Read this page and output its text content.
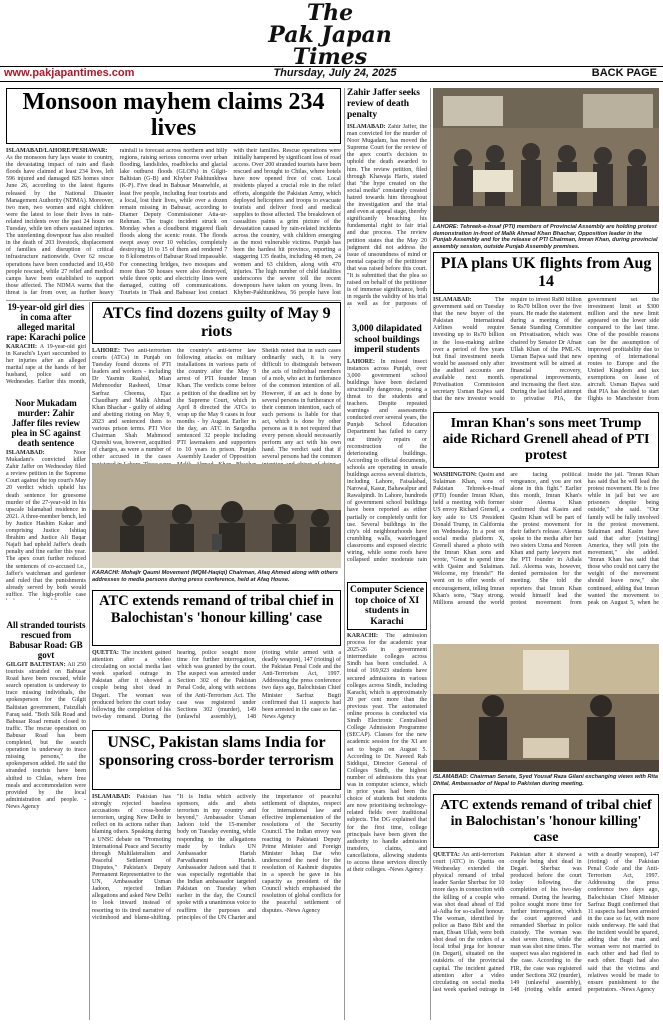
The
Pak Japan
Times
www.pakjapantimes.com	Thursday, July 24, 2025	BACK PAGE
Monsoon mayhem claims 234 lives
ISLAMABAD/LAHORE/PESHAWAR: As the monsoon fury lays waste to country, the devastating impact of rain and flash floods have claimed at least 234 lives, left 596 injured and damaged 826 homes since June 26, according to the latest figures released by the National Disaster Management Authority (NDMA). Moreover, two men, two women and eight children were the latest to lose their lives in rain-related incidents over the past 24 hours on Tuesday, while ten others sustained injuries. The unrelenting downpour has also resulted in the death of 203 livestock, displacement of families and disruption of critical infrastructure nationwide. Over 62 rescue operations have been conducted and 10,450 people rescued, while 27 relief and medical camps have been established to support those affected. The NDMA warns that the threat is far from over, as further heavy rainfall is forecast across northern and hilly regions, raising serious concerns over urban flooding, landslides, roadblocks and glacial lake outburst floods (GLOFs) in Gilgit-Baltistan (G-B) and Khyber Pakhtunkhwa (K-P). Five dead in Babusar Meanwhile, at least five people, including four tourists and a local, lost their lives, while over a dozen remain missing in Babusar, according to Diamer Deputy Commissioner Atta-ur-Rehman. The tragic incident struck on Monday when a cloudburst triggered flash floods along the scenic route. The floods swept away over 10 vehicles, completely destroying 10 to 15 of them and rendered 7 to 8 kilometres of Babusar Road impassable. For connecting bridges, two mosques and more than 50 houses were also destroyed, while three optic and electricity lines were damaged, cutting off communications. Tourists in Thak and Babusar lost contact with their families. Rescue operations were initially hampered by significant loss of road access. Over 200 stranded tourists have been rescued and brought to Chilas, where hotels have now opened free of cost. Local residents played a crucial role in the relief efforts, alongside the Pakistan Army, which deployed helicopters and troops to evacuate tourists and deliver food and medical supplies to those affected. The breakdown of casualties paints a grim picture of the devastation caused by rain-related incidents across the country, with children emerging as the most vulnerable victims. Punjab has been the hardest hit province, reporting a staggering 135 deaths, including 48 men, 24 women and 63 children, along with 470 injuries. The high number of child fatalities underscores the severe toll the recent downpours have taken on young lives. In Khyber-Pakhtunkhwa, 56 people have lost
Zahir Jaffer seeks review of death penalty
ISLAMABAD: Zahir Jaffer, the man convicted for the murder of Noor Mugadam, has moved the Supreme Court for the review of the apex court's decision to uphold the death awarded to him. The review petition, filed through Khawaja Haris, stated that "the hype created on the social media" constantly created hatred towards him throughout the investigation and the trial and even at appeal stage, thereby significantly breaching his fundamental right to fair trial and due process. The review petition states that the May 20 judgment did not address the issue of unsoundness of mind or mental capacity of the petitioner that was raised before this court. "It is submitted that the plea so raised on behalf of the petitioner is of immense significance, both in regards the validity of his trial as well as for purposes of
LAHORE: Tehreek-e-Insaf (PTI) members of Provincial Assembly are holding protest demonstration in-front of Malik Ahmad Khan Bhachar, Opposition leader in the Punjab Assembly and for the release of PTI Chairman, Imran Khan, during provincial assembly session, outside Punjab Assembly premises.
PIA plans UK flights from Aug 14
ISLAMABAD:	The government said on Tuesday that the new buyer of the Pakistan International Airlines would require investing up to Rs70 billion in the loss-making airline over a period of five years but final investment needs would be assessed only after the audited accounts are available next month. Privatisation Commission secretary Usman Bajwa said that the new investor would require to invest Rs80 billion to Rs70 billion over the five years. He made the statement during a meeting of the Senate Standing Committee on Privatisation, which was chaired by Senator Dr Afnan Ullah Khan of the PML-N. Usman Bajwa said that new investment will be aimed at financial recovery, operational improvements, and increasing the fleet size. During the last failed attempt to privatise PIA, the government set the investment limit at $300 million and the new limit appeared on the lower side compared to the last time. One of the possible reasons can be the assumption of improved profitability due to opening of international routes to Europe and the United Kingdom and tax exemptions on lease of aircraft. Usman Bajwa said that PIA has decided to start flights to Manchester from
19-year-old girl dies in coma after alleged marital rape: Karachi police
KARACHI: A 19-year-old girl in Karachi's Lyari succumbed to her injuries after an alleged marital rape at the hands of her husband, police said on Wednesday. Earlier this month,
ATCs find dozens guilty of May 9 riots
LAHORE: Two anti-terrorism courts (ATCs) in Punjab on Tuesday found dozens of PTI leaders and workers - including Dr Yasmin Rashid, Mian Mehmoodur Rasheed, Umar Sarfraz Cheema, Ejaz Chaudhary and Malik Ahmad Khan Bhachar - guilty of aiding and abetting rioting on May 9, 2023 and sentenced them to various prison terms. PTI Vice Chairman Shah Mahmood Qureshi was, however, acquitted of charges, as were a number of other accused in the cases the country's anti-terror law following attacks on military installations in various parts of the country after the May 9 arrest of PTI founder Imran Khan. The verdicts come before a petition of the deadline set by the Supreme Court, which in April 8 directed the ATCs to wrap up the May 9 cases in four months - by August. Earlier in the day, an ATC in Sargodha sentenced 32 people including PTI lawmakers and supporters to 10 years in prison. Punjab Assembly Leader of Opposition Sheikh noted that in such cases ordinarily such, it is very difficult to distinguish between the acts of individual members of a mob, who act in furtherance of the common intention of all. However, if an act is done by several persons in furtherance of their common intention, each of such persons is liable for that act, which is done by other persons as it is not required that every person should necessarily perform any act with his own hand. The verdict said that if several persons had the common
3,000 dilapidated school buildings imperil students
LAHORE: In missed insect instances across Punjab, over 3,000 government school buildings have been declared structurally dangerous, posing a threat to the students and teachers. Despite repeated warnings and assessments conducted over several years, the Punjab School Education Department has failed to carry out timely repairs or reconstruction of the deteriorating buildings. According to official documents, schools are operating in unsafe buildings across several districts, including Lahore, Faisalabad, Narowal, Kasur, Bahawalpur and Rawalpindi. In Lahore, hundreds of government school buildings have been reported as either partially or completely unfit for use. Several buildings in the city's old neighbourhoods have crumbling walls, waterlogged classrooms and exposed electric wiring, while some roofs have collapsed under moderate rain
Noor Mukadam murder: Zahir Jaffer files review plea in SC against death sentence
ISLAMABAD:	Noor Mukadam's convicted killer Zahir Jaffer on Wednesday filed a review petition in the Supreme Court against the top court's May 20 verdict which upheld his death sentence for gruesome murder of the 27-year-old in his upscale Islamabad residence in 2021. A three-member bench, led by Justice Hashim Kakar and comprising Justice Ishtiaq Ibrahim and Justice Ali Baqar Najafi had upheld Jaffer's death penalty and fine earlier this year. The apex court further reduced the sentences of co-accused i.e., Jaffer's watchman and gardener and ruled that the punishments already served by both would suffice. The high-profile case
Imran Khan's sons meet Trump aide Richard Grenell ahead of PTI protest
WASHINGTON: Qasim and Sulaiman Khan, sons of Pakistan Tehreek-e-Insaf (PTI) founder Imran Khan, held a meeting with former US envoy Richard Grenell, a key aide to US President Donald Trump, in California on Wednesday. In a post on social media platform X, Grenell shared a photo with the Imran Khan sons and wrote, "Great to spend time with Qasim and Sulaiman. Welcome, my friends!" He went on to offer words of encouragement, telling Imran Khan's sons, "Stay strong. Millions around the world are facing political vengeance, and you are not alone in this fight." Earlier this month, Imran Khan's sister Aleema Khan confirmed that Kasim and Qasim Khan will be part of the protest movement for their father's release. Aleema spoke to the media after her two sisters Uzma and Noreen Khan and party lawyers met the PTI founder in Adiala Jail. Aleema was, however, denied permission for the meeting. She told the reporters that Imran Khan would himself lead the protest movement from inside the jail. "Imran Khan has said that he will lead the protest movement. He is free while in jail but we are prisoners despite being outside," she said. "Our family will be fully involved in the protest movement. Sulaiman and Kasim have said that after [visiting] America, they will join the movement," she added. "Imran Khan has said that those who could not carry the weight of the movement should leave now," she continued, adding that Imran wanted the movement to peak on August 5, when he
KARACHI: Mohajir Qaumi Movement (MQM-Haqiqi) Chairman, Afaq Ahmed along with others addresses to media persons during press conference, held at Afaq House.
ATC extends remand of tribal chief in Balochistan's 'honour killing' case
QUETTA: The incident gained attention after a video circulating on social media last week sparked outrage in Pakistan after it showed a couple being shot dead in Degari. The woman was produced before the court today following the completion of his two-day remand. During the hearing, police sought more time for further interrogation, which was granted by the court. The suspect was arrested under Section 302 of the Pakistan Penal Code, along with sections of the Anti-Terrorism Act. The case was registered under Sections 302 (murder), 149 (unlawful assembly), 148 (rioting while armed with a deadly weapon), 147 (rioting) of the Pakistan Penal Code and the Anti-Terrorism Act, 1997. Addressing the press conference two days ago, Balochistan Chief Minister Sarfraz Bugti confirmed that 11 suspects had been arrested in the case so far. -News Agency
Computer Science top choice of XI students in Karachi
KARACHI: The admission process for the academic year 2025-26 in government intermediate colleges across Sindh has been concluded. A total of 169,923 students have secured admissions in various colleges across Sindh, including Karachi, which is approximately 20 per cent more than the previous year. The automated online process is conducted via Sindh Electronic Centralised College Admission Programme (SECAP). Classes for the new academic session for the XI are set to begin on August 5. According to Dr. Naveed Rab Siddiqui, Director General of Colleges Sindh, the highest number of admissions this year was in computer science, which in prior years had been the choice of students but students are now prioritising technology-related fields over traditional subjects. The DG explained that for the first time, college principals have been given the authority to handle admission transfers, claims, and cancellations, allowing students to access these services directly at their colleges. -News Agency
All stranded tourists rescued from Babusar Road: GB govt
GILGIT BALTISTAN: All 250 tourists stranded on Babusar Road have been rescued, while search operation is underway to trace missing individuals, the spokesperson for the Gilgit Baltistan government, Faizullah Faraq said. "Both Silk Road and Babusar Road remain closed to traffic. The rescue operation on Babusar Road has been completed, but the search operation is underway to trace missing persons," the spokesperson added. He said the stranded tourists have been shifted to Chilas, where free meals and accommodation were provided by the local administration and people. -News Agency
ISLAMABAD: Chairman Senate, Syed Yousaf Raza Gilani exchanging views with Rita Dhital, Ambassador of Nepal to Pakistan during meeting.
UNSC, Pakistan slams India for sponsoring cross-border terrorism
ISLAMABAD: Pakistan has strongly rejected baseless accusations of cross-border terrorism, urging New Delhi to reflect on its actions rather than blaming others. Speaking during a UNSC debate on "Promoting International Peace and Security through Multilateralism and Peaceful Settlement of Disputes," Pakistan's Deputy Permanent Representative to the UN, Ambassador Usman Jadoon, rejected Indian allegations and asked New Delhi to look inward instead of resorting to its tired narrative of victimhood and blame-shifting. "It is India which actively sponsors, aids and abets terrorism in my country and beyond," Ambassador Usman Jadoon told the 15-member body on Tuesday evening, while responding to the allegations made by India's UN Ambassador Harish Parvathaneni Harish. Ambassador Jadoon said that it was especially regrettable that the Indian ambassador targeted Pakistan on Tuesday when earlier in the day, the Council spoke with a unanimous voice to reaffirm the purposes and principles of the UN Charter and the importance of peaceful settlement of disputes, respect for international law and effective implementation of the resolutions of the Security Council. The Indian envoy was reacting to Pakistani Deputy Prime Minister and Foreign Minister Ishaq Dar who underscored the need for the resolution of Kashmir disputes in a speech he gave in his capacity as president of the Council which emphasised the resolution of global conflicts for the peaceful settlement of disputes. -News Agency
ATC extends remand of tribal chief in Balochistan's 'honour killing' case
QUETTA: An anti-terrorism court (ATC) in Quetta on Wednesday extended the physical remand of tribal leader Sardar Sherbaz for 10 more days in connection with the killing of a couple who was shot dead ahead of Eid al-Adha for so-called honour. The woman, identified by police as Bano Bibi and the man, Ehsan Ullah, were both shot dead on the orders of a local tribal jirga for honour (in Degari), situated on the outskirts of the provincial capital. The incident gained attention after a video circulating on social media last week sparked outrage in Pakistan after it showed a couple being shot dead in Degari. Sherbaz was produced before the court today following the completion of his two-day remand. During the hearing, police sought more time for further interrogation, which the court approved and remanded Sherbaz in police custody. The woman was shot seven times, while the man was shot nine times. The suspect was also registered in the case. According to the FIR, the case was registered under Sections 302 (murder), 149 (unlawful assembly), 148 (rioting while armed with a deadly weapon), 147 (rioting) of the Pakistan Penal Code and the Anti-Terrorism Act, 1997. Addressing the press conference two days ago, Balochistan Chief Minister Sarfraz Bugti confirmed that 11 suspects had been arrested in the case so far, with more raids underway. He said that the incident would be spared, adding that the man and woman were not married to each other and had fled to each other. Bugti had also said that the victims and relatives would be made to ensure punishment to the perpetrators. -News Agency
